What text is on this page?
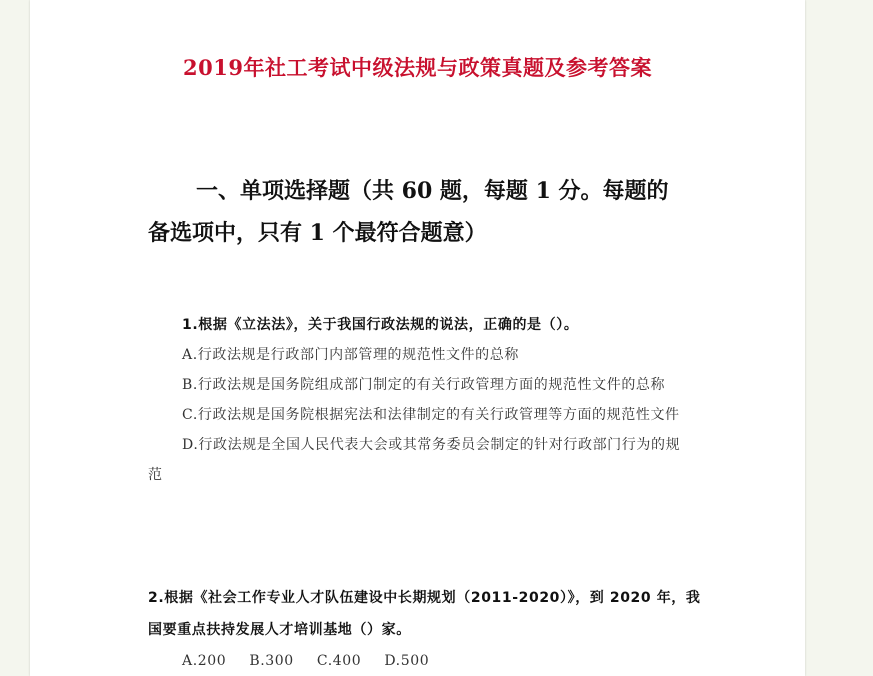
2019年社工考试中级法规与政策真题及参考答案
一、单项选择题（共 60 题，每题 1 分。每题的
备选项中，只有 1 个最符合题意）
1.根据《立法法》，关于我国行政法规的说法，正确的是（）。
A.行政法规是行政部门内部管理的规范性文件的总称
B.行政法规是国务院组成部门制定的有关行政管理方面的规范性文件的总称
C.行政法规是国务院根据宪法和法律制定的有关行政管理等方面的规范性文件
D.行政法规是全国人民代表大会或其常务委员会制定的针对行政部门行为的规范
2.根据《社会工作专业人才队伍建设中长期规划（2011-2020）》，到 2020 年，我国要重点扶持发展人才培训基地（）家。
A.200 B.300 C.400 D.500
